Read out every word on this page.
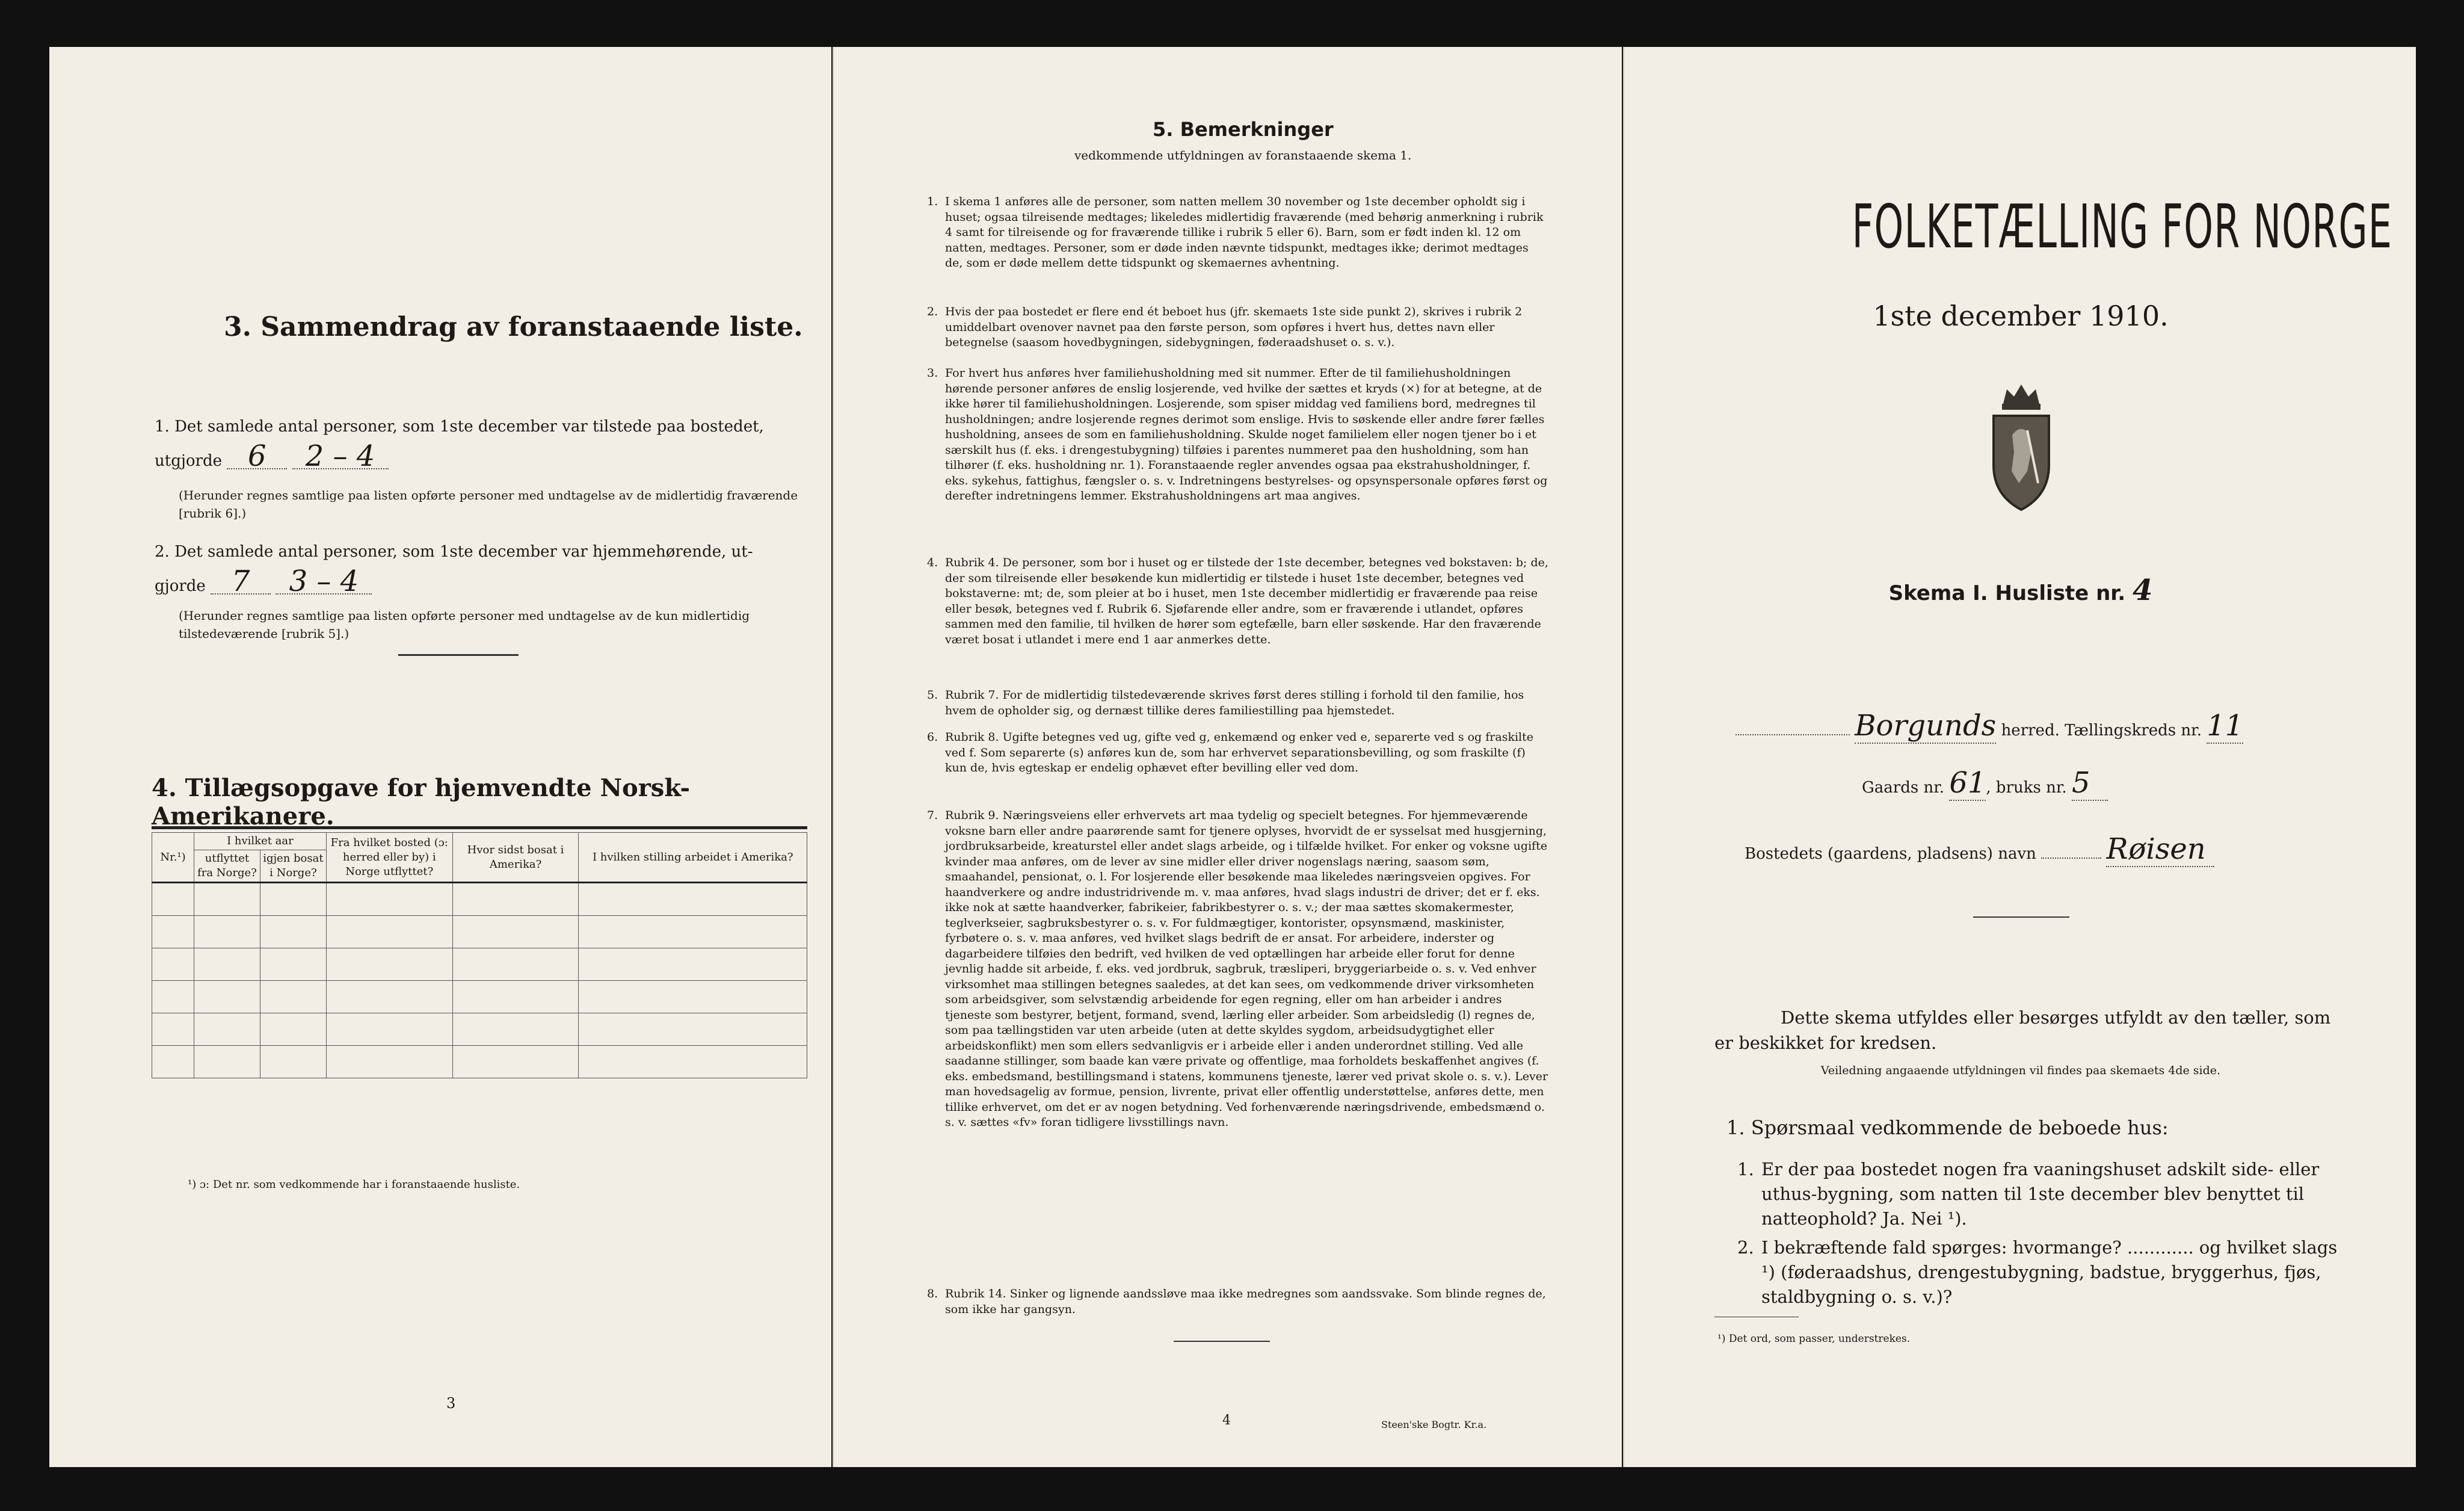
3. Sammendrag av foranstaaende liste.
1. Det samlede antal personer, som 1ste december var tilstede paa bostedet,
utgjorde 6 2 – 4
(Herunder regnes samtlige paa listen opførte personer med undtagelse av de midlertidig fraværende [rubrik 6].)
2. Det samlede antal personer, som 1ste december var hjemmehørende, ut-
gjorde 7 3 – 4
(Herunder regnes samtlige paa listen opførte personer med undtagelse av de kun midlertidig tilstedeværende [rubrik 5].)
4. Tillægsopgave for hjemvendte Norsk-Amerikanere.
Nr.¹)	I hvilket aar		Fra hvilket bosted (ɔ: herred eller by) i Norge utflyttet?	Hvor sidst bosat i Amerika?	I hvilken stilling arbeidet i Amerika?
	utflyttet fra Norge?	igjen bosat i Norge?			

¹) ɔ: Det nr. som vedkommende har i foranstaaende husliste.
3
5. Bemerkninger
vedkommende utfyldningen av foranstaaende skema 1.
1. I skema 1 anføres alle de personer, som natten mellem 30 november og 1ste december opholdt sig i huset; ogsaa tilreisende medtages; likeledes midlertidig fraværende (med behørig anmerkning i rubrik 4 samt for tilreisende og for fraværende tillike i rubrik 5 eller 6). Barn, som er født inden kl. 12 om natten, medtages. Personer, som er døde inden nævnte tidspunkt, medtages ikke; derimot medtages de, som er døde mellem dette tidspunkt og skemaernes avhentning.
2. Hvis der paa bostedet er flere end ét beboet hus (jfr. skemaets 1ste side punkt 2), skrives i rubrik 2 umiddelbart ovenover navnet paa den første person, som opføres i hvert hus, dettes navn eller betegnelse (saasom hovedbygningen, sidebygningen, føderaadshuset o. s. v.).
3. For hvert hus anføres hver familiehusholdning med sit nummer. Efter de til familiehusholdningen hørende personer anføres de enslig losjerende, ved hvilke der sættes et kryds (×) for at betegne, at de ikke hører til familiehusholdningen. Losjerende, som spiser middag ved familiens bord, medregnes til husholdningen; andre losjerende regnes derimot som enslige. Hvis to søskende eller andre fører fælles husholdning, ansees de som en familiehusholdning. Skulde noget familielem eller nogen tjener bo i et særskilt hus (f. eks. i drengestubygning) tilføies i parentes nummeret paa den husholdning, som han tilhører (f. eks. husholdning nr. 1). Foranstaaende regler anvendes ogsaa paa ekstrahusholdninger, f. eks. sykehus, fattighus, fængsler o. s. v. Indretningens bestyrelses- og opsynspersonale opføres først og derefter indretningens lemmer. Ekstrahusholdningens art maa angives.
4. Rubrik 4. De personer, som bor i huset og er tilstede der 1ste december, betegnes ved bokstaven: b; de, der som tilreisende eller besøkende kun midlertidig er tilstede i huset 1ste december, betegnes ved bokstaverne: mt; de, som pleier at bo i huset, men 1ste december midlertidig er fraværende paa reise eller besøk, betegnes ved f. Rubrik 6. Sjøfarende eller andre, som er fraværende i utlandet, opføres sammen med den familie, til hvilken de hører som egtefælle, barn eller søskende. Har den fraværende været bosat i utlandet i mere end 1 aar anmerkes dette.
5. Rubrik 7. For de midlertidig tilstedeværende skrives først deres stilling i forhold til den familie, hos hvem de opholder sig, og dernæst tillike deres familiestilling paa hjemstedet.
6. Rubrik 8. Ugifte betegnes ved ug, gifte ved g, enkemænd og enker ved e, separerte ved s og fraskilte ved f. Som separerte (s) anføres kun de, som har erhvervet separationsbevilling, og som fraskilte (f) kun de, hvis egteskap er endelig ophævet efter bevilling eller ved dom.
7. Rubrik 9. Næringsveiens eller erhvervets art maa tydelig og specielt betegnes. For hjemmeværende voksne barn eller andre paarørende samt for tjenere oplyses, hvorvidt de er sysselsat med husgjerning, jordbruksarbeide, kreaturstel eller andet slags arbeide, og i tilfælde hvilket. For enker og voksne ugifte kvinder maa anføres, om de lever av sine midler eller driver nogenslags næring, saasom søm, smaahandel, pensionat, o. l. For losjerende eller besøkende maa likeledes næringsveien opgives. For haandverkere og andre industridrivende m. v. maa anføres, hvad slags industri de driver; det er f. eks. ikke nok at sætte haandverker, fabrikeier, fabrikbestyrer o. s. v.; der maa sættes skomakermester, teglverkseier, sagbruksbestyrer o. s. v. For fuldmægtiger, kontorister, opsynsmænd, maskinister, fyrbøtere o. s. v. maa anføres, ved hvilket slags bedrift de er ansat. For arbeidere, inderster og dagarbeidere tilføies den bedrift, ved hvilken de ved optællingen har arbeide eller forut for denne jevnlig hadde sit arbeide, f. eks. ved jordbruk, sagbruk, træsliperi, bryggeriarbeide o. s. v. Ved enhver virksomhet maa stillingen betegnes saaledes, at det kan sees, om vedkommende driver virksomheten som arbeidsgiver, som selvstændig arbeidende for egen regning, eller om han arbeider i andres tjeneste som bestyrer, betjent, formand, svend, lærling eller arbeider. Som arbeidsledig (l) regnes de, som paa tællingstiden var uten arbeide (uten at dette skyldes sygdom, arbeidsudygtighet eller arbeidskonflikt) men som ellers sedvanligvis er i arbeide eller i anden underordnet stilling. Ved alle saadanne stillinger, som baade kan være private og offentlige, maa forholdets beskaffenhet angives (f. eks. embedsmand, bestillingsmand i statens, kommunens tjeneste, lærer ved privat skole o. s. v.). Lever man hovedsagelig av formue, pension, livrente, privat eller offentlig understøttelse, anføres dette, men tillike erhvervet, om det er av nogen betydning. Ved forhenværende næringsdrivende, embedsmænd o. s. v. sættes «fv» foran tidligere livsstillings navn.
8. Rubrik 14. Sinker og lignende aandssløve maa ikke medregnes som aandssvake. Som blinde regnes de, som ikke har gangsyn.
4	Steen'ske Bogtr. Kr.a.
FOLKETÆLLING FOR NORGE
1ste december 1910.
Skema I. Husliste nr. 4
Borgunds herred. Tællingskreds nr. 11
Gaards nr. 61, bruks nr. 5
Bostedets (gaardens, pladsens) navn Røisen
Dette skema utfyldes eller besørges utfyldt av den tæller, som er beskikket for kredsen.
Veiledning angaaende utfyldningen vil findes paa skemaets 4de side.
1. Spørsmaal vedkommende de beboede hus:
1. Er der paa bostedet nogen fra vaaningshuset adskilt side- eller uthus-bygning, som natten til 1ste december blev benyttet til natteophold? Ja. Nei ¹).
2. I bekræftende fald spørges: hvormange? ............ og hvilket slags ¹) (føderaadshus, drengestubygning, badstue, bryggerhus, fjøs, staldbygning o. s. v.)?
¹) Det ord, som passer, understrekes.
